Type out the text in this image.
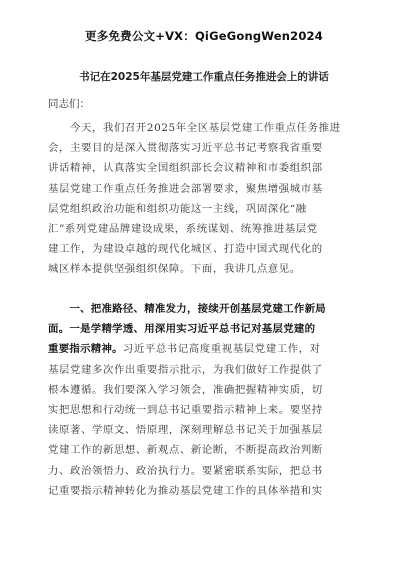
更多免费公文+VX：QiGeGongWen2024
书记在2025年基层党建工作重点任务推进会上的讲话
同志们：
　　今天，我们召开2025年全区基层党建工作重点任务推进
会，主要目的是深入贯彻落实习近平总书记考察我省重要
讲话精神，认真落实全国组织部长会议精神和市委组织部
基层党建工作重点任务推进会部署要求，聚焦增强城市基
层党组织政治功能和组织功能这一主线，巩固深化“融
汇”系列党建品牌建设成果，系统谋划、统筹推进基层党
建工作，为建设卓越的现代化城区、打造中国式现代化的
城区样本提供坚强组织保障。下面，我讲几点意见。
　　一、把准路径、精准发力，接续开创基层党建工作新局
面。一是学精学透、用深用实习近平总书记对基层党建的
重要指示精神。习近平总书记高度重视基层党建工作，对
基层党建多次作出重要指示批示，为我们做好工作提供了
根本遵循。我们要深入学习领会，准确把握精神实质，切
实把思想和行动统一到总书记重要指示精神上来。要坚持
读原著、学原文、悟原理，深刻理解总书记关于加强基层
党建工作的新思想、新观点、新论断，不断提高政治判断
力、政治领悟力、政治执行力。要紧密联系实际，把总书
记重要指示精神转化为推动基层党建工作的具体举措和实
